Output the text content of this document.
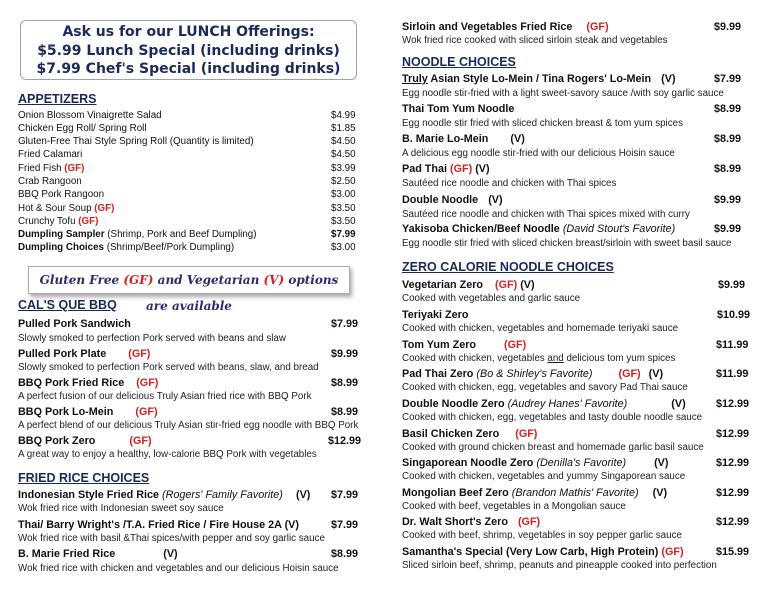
Ask us for our LUNCH Offerings:
$5.99 Lunch Special (including drinks)
$7.99 Chef's Special (including drinks)
APPETIZERS
Onion Blossom Vinaigrette Salad	$4.99
Chicken Egg Roll/ Spring Roll	$1.85
Gluten-Free Thai Style Spring Roll (Quantity is limited)	$4.50
Fried Calamari	$4.50
Fried Fish (GF)	$3.99
Crab Rangoon	$2.50
BBQ Pork Rangoon	$3.00
Hot & Sour Soup (GF)	$3.50
Crunchy Tofu (GF)	$3.50
Dumpling Sampler (Shrimp, Pork and Beef Dumpling)	$7.99
Dumpling Choices (Shrimp/Beef/Pork Dumpling)	$3.00
Gluten Free (GF) and Vegetarian (V) options are available
CAL'S QUE BBQ
Pulled Pork Sandwich	$7.99
Slowly smoked to perfection Pork served with beans and slaw
Pulled Pork Plate (GF)	$9.99
Slowly smoked to perfection Pork served with beans, slaw, and bread
BBQ Pork Fried Rice (GF)	$8.99
A perfect fusion of our delicious Truly Asian fried rice with BBQ Pork
BBQ Pork Lo-Mein (GF)	$8.99
A perfect blend of our delicious Truly Asian stir-fried egg noodle with BBQ Pork
BBQ Pork Zero	(GF)	$12.99
A great way to enjoy a healthy, low-calorie BBQ Pork with vegetables
FRIED RICE CHOICES
Indonesian Style Fried Rice (Rogers' Family Favorite) (V) $7.99
Wok fried rice with Indonesian sweet soy sauce
Thai/ Barry Wright's /T.A. Fried Rice / Fire House 2A (V)	$7.99
Wok fried rice with basil &Thai spices/with pepper and soy garlic sauce
B. Marie Fried Rice	(V)	$8.99
Wok fried rice with chicken and vegetables and our delicious Hoisin sauce
Sirloin and Vegetables Fried Rice (GF)	$9.99
Wok fried rice cooked with sliced sirloin steak and vegetables
NOODLE CHOICES
Truly Asian Style Lo-Mein / Tina Rogers' Lo-Mein (V)	$7.99
Egg noodle stir-fried with a light sweet-savory sauce /with soy garlic sauce
Thai Tom Yum Noodle	$8.99
Egg noodle stir fried with sliced chicken breast & tom yum spices
B. Marie Lo-Mein (V)	$8.99
A delicious egg noodle stir-fried with our delicious Hoisin sauce
Pad Thai (GF) (V)	$8.99
Sautéed rice noodle and chicken with Thai spices
Double Noodle (V)	$9.99
Sautéed rice noodle and chicken with Thai spices mixed with curry
Yakisoba Chicken/Beef Noodle (David Stout's Favorite)	$9.99
Egg noodle stir fried with sliced chicken breast/sirloin with sweet basil sauce
ZERO CALORIE NOODLE CHOICES
Vegetarian Zero (GF) (V)	$9.99
Cooked with vegetables and garlic sauce
Teriyaki Zero	$10.99
Cooked with chicken, vegetables and homemade teriyaki sauce
Tom Yum Zero	(GF)	$11.99
Cooked with chicken, vegetables and delicious tom yum spices
Pad Thai Zero (Bo & Shirley's Favorite) (GF) (V)	$11.99
Cooked with chicken, egg, vegetables and savory Pad Thai sauce
Double Noodle Zero (Audrey Hanes' Favorite)	(V)	$12.99
Cooked with chicken, egg, vegetables and tasty double noodle sauce
Basil Chicken Zero (GF)	$12.99
Cooked with ground chicken breast and homemade garlic basil sauce
Singaporean Noodle Zero (Denilla's Favorite)	(V)	$12.99
Cooked with chicken, vegetables and yummy Singaporean sauce
Mongolian Beef Zero (Brandon Mathis' Favorite) (V)	$12.99
Cooked with beef, vegetables in a Mongolian sauce
Dr. Walt Short's Zero (GF)	$12.99
Cooked with beef, shrimp, vegetables in soy pepper garlic sauce
Samantha's Special (Very Low Carb, High Protein) (GF)	$15.99
Sliced sirloin beef, shrimp, peanuts and pineapple cooked into perfection
